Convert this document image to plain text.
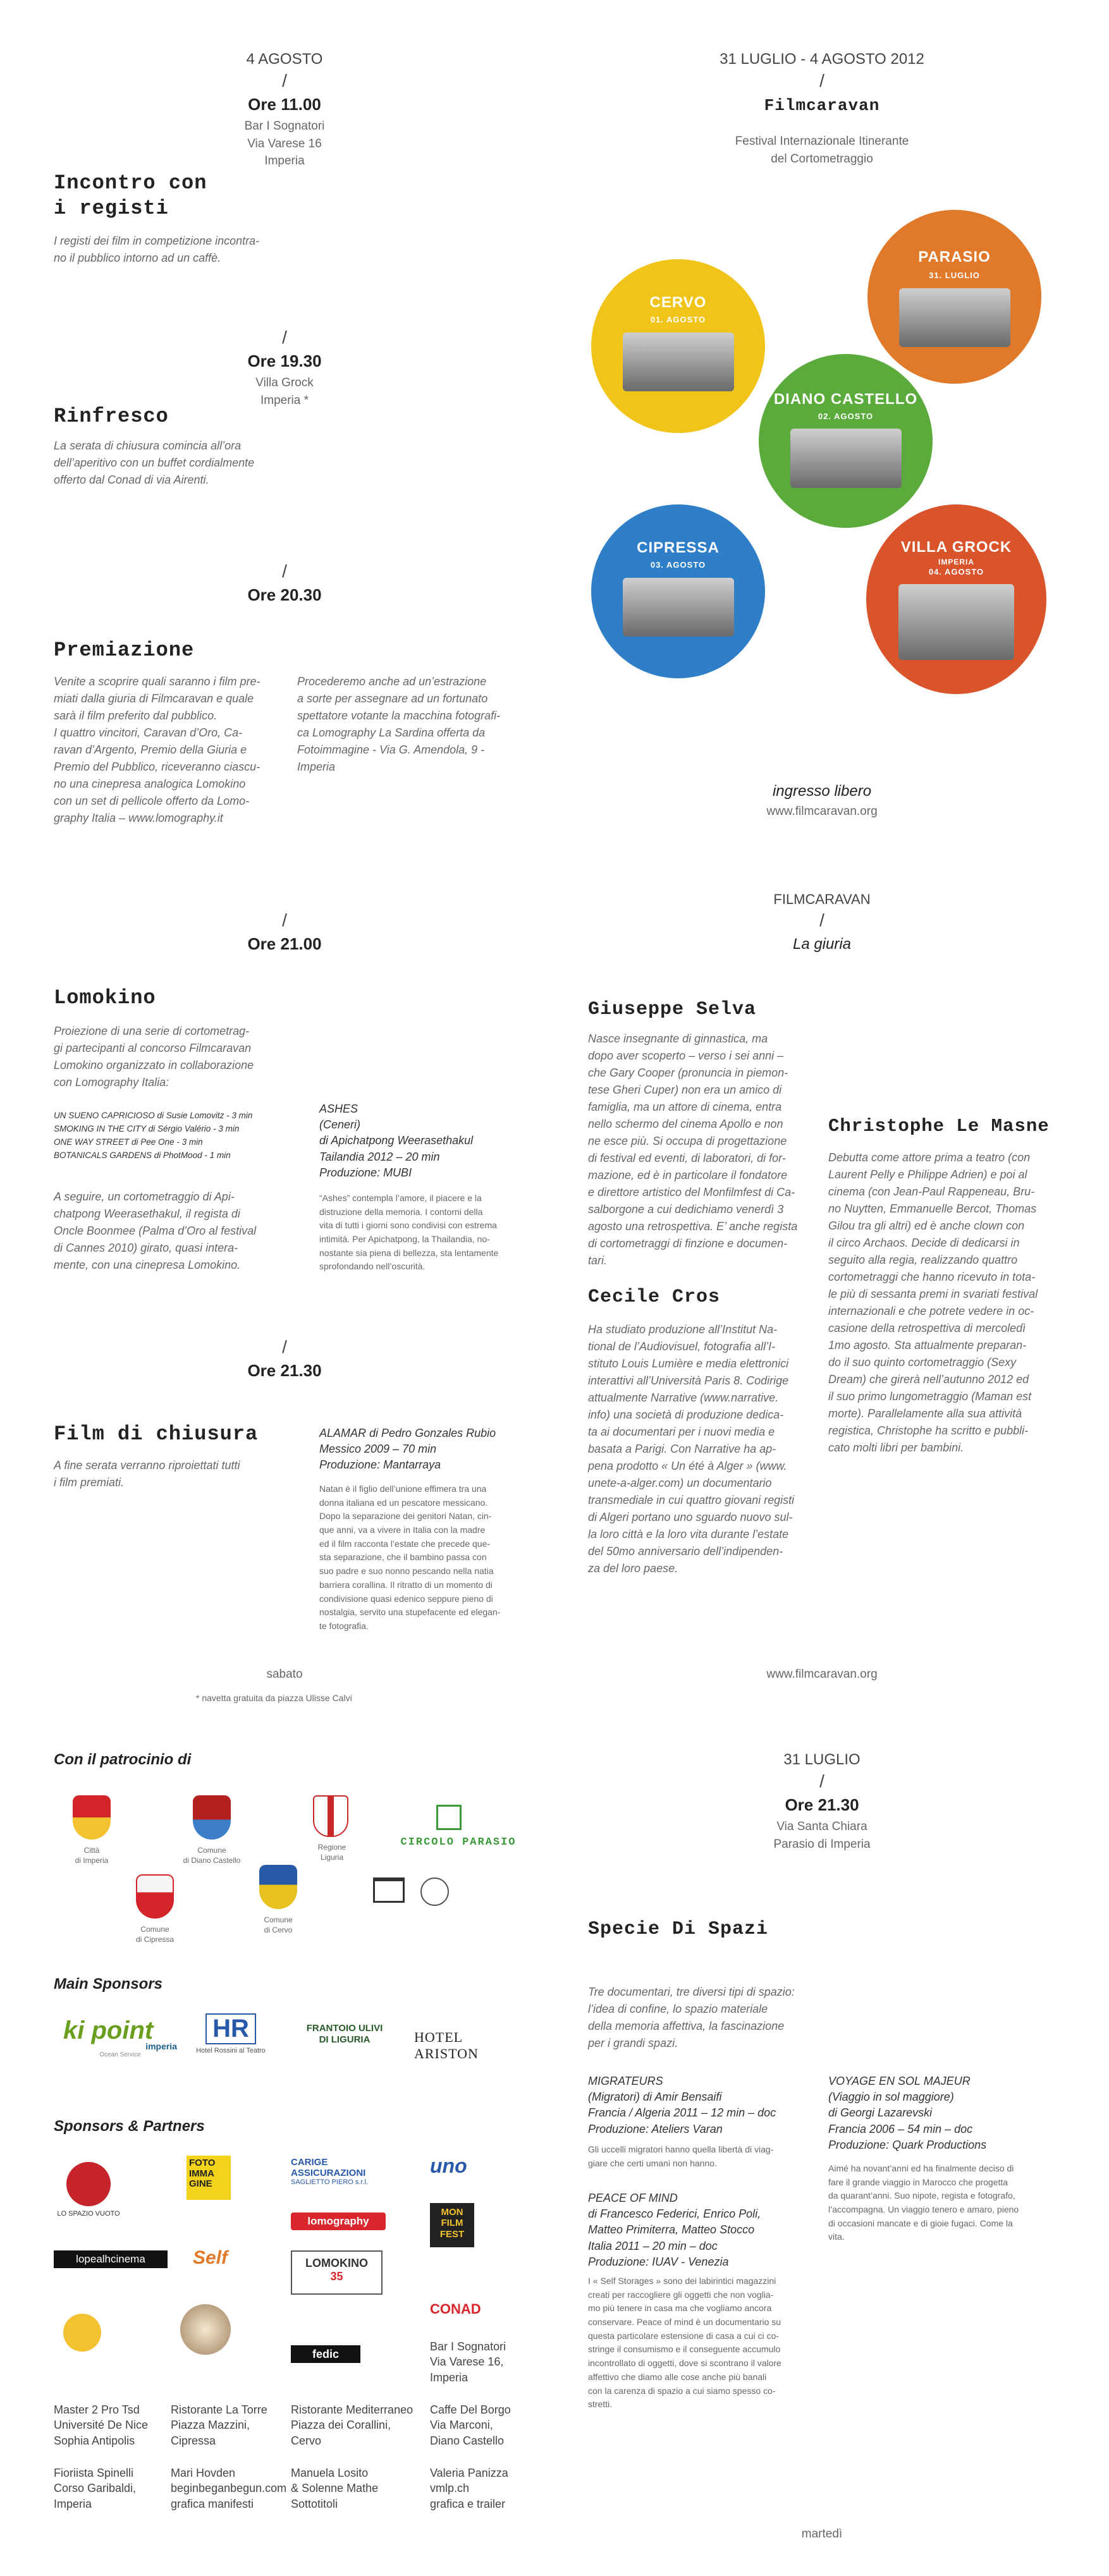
4 AGOSTO
/
Ore 11.00
Bar I Sognatori
Via Varese 16
Imperia
Incontro con
i registi
I registi dei film in competizione incontra-
no il pubblico intorno ad un caffè.
/
Ore 19.30
Villa Grock
Imperia *
Rinfresco
La serata di chiusura comincia all’ora
dell’aperitivo con un buffet cordialmente
offerto dal Conad di via Airenti.
/
Ore 20.30
Premiazione
Venite a scoprire quali saranno i film pre-
miati dalla giuria di Filmcaravan e quale
sarà il film preferito dal pubblico.
I quattro vincitori, Caravan d’Oro, Ca-
ravan d’Argento, Premio della Giuria e
Premio del Pubblico, riceveranno ciascu-
no una cinepresa analogica Lomokino
con un set di pellicole offerto da Lomo-
graphy Italia – www.lomography.it
Procederemo anche ad un’estrazione
a sorte per assegnare ad un fortunato
spettatore votante la macchina fotografi-
ca Lomography La Sardina offerta da
Fotoimmagine - Via G. Amendola, 9 -
Imperia
31 LUGLIO - 4 AGOSTO 2012
/
Filmcaravan
Festival Internazionale Itinerante
del Cortometraggio
PARASIO
31. LUGLIO
CERVO
01. AGOSTO
DIANO CASTELLO
02. AGOSTO
CIPRESSA
03. AGOSTO
VILLA GROCK
IMPERIA
04. AGOSTO
ingresso libero
www.filmcaravan.org
/
Ore 21.00
Lomokino
Proiezione di una serie di cortometrag-
gi partecipanti al concorso Filmcaravan
Lomokino organizzato in collaborazione
con Lomography Italia:
UN SUENO CAPRICIOSO di Susie Lomovitz - 3 min
SMOKING IN THE CITY di Sérgio Valério - 3 min
ONE WAY STREET di Pee One - 3 min
BOTANICALS GARDENS di PhotMood - 1 min
A seguire, un cortometraggio di Api-
chatpong Weerasethakul, il regista di
Oncle Boonmee (Palma d’Oro al festival
di Cannes 2010) girato, quasi intera-
mente, con una cinepresa Lomokino.
ASHES
(Ceneri)
di Apichatpong Weerasethakul
Tailandia 2012 – 20 min
Produzione: MUBI
“Ashes” contempla l’amore, il piacere e la
distruzione della memoria. I contorni della
vita di tutti i giorni sono condivisi con estrema
intimità. Per Apichatpong, la Thailandia, no-
nostante sia piena di bellezza, sta lentamente
sprofondando nell’oscurità.
/
Ore 21.30
Film di chiusura
A fine serata verranno riproiettati tutti
i film premiati.
ALAMAR di Pedro Gonzales Rubio
Messico 2009 – 70 min
Produzione: Mantarraya
Natan è il figlio dell’unione effimera tra una
donna italiana ed un pescatore messicano.
Dopo la separazione dei genitori Natan, cin-
que anni, va a vivere in Italia con la madre
ed il film racconta l’estate che precede que-
sta separazione, che il bambino passa con
suo padre e suo nonno pescando nella natia
barriera corallina. Il ritratto di un momento di
condivisione quasi edenico seppure pieno di
nostalgia, servito una stupefacente ed elegan-
te fotografia.
sabato
* navetta gratuita da piazza Ulisse Calvi
FILMCARAVAN
/
La giuria
Giuseppe Selva
Nasce insegnante di ginnastica, ma
dopo aver scoperto – verso i sei anni –
che Gary Cooper (pronuncia in piemon-
tese Gheri Cuper) non era un amico di
famiglia, ma un attore di cinema, entra
nello schermo del cinema Apollo e non
ne esce più. Si occupa di progettazione
di festival ed eventi, di laboratori, di for-
mazione, ed è in particolare il fondatore
e direttore artistico del Monfilmfest di Ca-
salborgone a cui dedichiamo venerdì 3
agosto una retrospettiva. E’ anche regista
di cortometraggi di finzione e documen-
tari.
Cecile Cros
Ha studiato produzione all’Institut Na-
tional de l’Audiovisuel, fotografia all’I-
stituto Louis Lumière e media elettronici
interattivi all’Università Paris 8. Codirige
attualmente Narrative (www.narrative.
info) una società di produzione dedica-
ta ai documentari per i nuovi media e
basata a Parigi. Con Narrative ha ap-
pena prodotto « Un été à Alger » (www.
unete-a-alger.com) un documentario
transmediale in cui quattro giovani registi
di Algeri portano uno sguardo nuovo sul-
la loro città e la loro vita durante l’estate
del 50mo anniversario dell’indipenden-
za del loro paese.
Christophe Le Masne
Debutta come attore prima a teatro (con
Laurent Pelly e Philippe Adrien) e poi al
cinema (con Jean-Paul Rappeneau, Bru-
no Nuytten, Emmanuelle Bercot, Thomas
Gilou tra gli altri) ed è anche clown con
il circo Archaos. Decide di dedicarsi in
seguito alla regia, realizzando quattro
cortometraggi che hanno ricevuto in tota-
le più di sessanta premi in svariati festival
internazionali e che potrete vedere in oc-
casione della retrospettiva di mercoledì
1mo agosto. Sta attualmente preparan-
do il suo quinto cortometraggio (Sexy
Dream) che girerà nell’autunno 2012 ed
il suo primo lungometraggio (Maman est
morte). Parallelamente alla sua attività
registica, Christophe ha scritto e pubbli-
cato molti libri per bambini.
www.filmcaravan.org
Con il patrocinio di
Città
di Imperia
Comune
di Diano Castello
Regione
Liguria
CIRCOLO PARASIO
Comune
di Cipressa
Comune
di Cervo
Main Sponsors
ki point
imperia
Ocean Service
HR
Hotel Rossini al Teatro
FRANTOIO ULIVI
DI LIGURIA	HOTEL ARISTON
Sponsors & Partners
LO SPAZIO VUOTO
FOTO
IMMA
GINE
CARIGE ASSICURAZIONI
SAGLIETTO PIERO s.r.l.
uno
lomography
MON
FILM
FEST
lopealhcinema	Self	LOMOKINO
35
CONAD
fedic
Bar I Sognatori
Via Varese 16,
Imperia
Master 2 Pro Tsd
Université De Nice
Sophia Antipolis
Ristorante La Torre
Piazza Mazzini,
Cipressa
Ristorante Mediterraneo
Piazza dei Corallini,
Cervo
Caffe Del Borgo
Via Marconi,
Diano Castello
Fioriista Spinelli
Corso Garibaldi,
Imperia
Mari Hovden
beginbeganbegun.com
grafica manifesti
Manuela Losito
& Solenne Mathe
Sottotitoli
Valeria Panizza
vmlp.ch
grafica e trailer
31 LUGLIO
/
Ore 21.30
Via Santa Chiara
Parasio di Imperia
Specie Di Spazi
Tre documentari, tre diversi tipi di spazio:
l’idea di confine, lo spazio materiale
della memoria affettiva, la fascinazione
per i grandi spazi.
MIGRATEURS
(Migratori) di Amir Bensaifi
Francia / Algeria 2011 – 12 min – doc
Produzione: Ateliers Varan
Gli uccelli migratori hanno quella libertà di viag-
giare che certi umani non hanno.
PEACE OF MIND
di Francesco Federici, Enrico Poli,
Matteo Primiterra, Matteo Stocco
Italia 2011 – 20 min – doc
Produzione: IUAV - Venezia
I « Self Storages » sono dei labirintici magazzini
creati per raccogliere gli oggetti che non voglia-
mo più tenere in casa ma che vogliamo ancora
conservare. Peace of mind è un documentario su
questa particolare estensione di casa a cui ci co-
stringe il consumismo e il conseguente accumulo
incontrollato di oggetti, dove si scontrano il valore
affettivo che diamo alle cose anche più banali
con la carenza di spazio a cui siamo spesso co-
stretti.
VOYAGE EN SOL MAJEUR
(Viaggio in sol maggiore)
di Georgi Lazarevski
Francia 2006 – 54 min – doc
Produzione: Quark Productions
Aimé ha novant’anni ed ha finalmente deciso di
fare il grande viaggio in Marocco che progetta
da quarant’anni. Suo nipote, regista e fotografo,
l’accompagna. Un viaggio tenero e amaro, pieno
di occasioni mancate e di gioie fugaci. Come la
vita.
martedì
